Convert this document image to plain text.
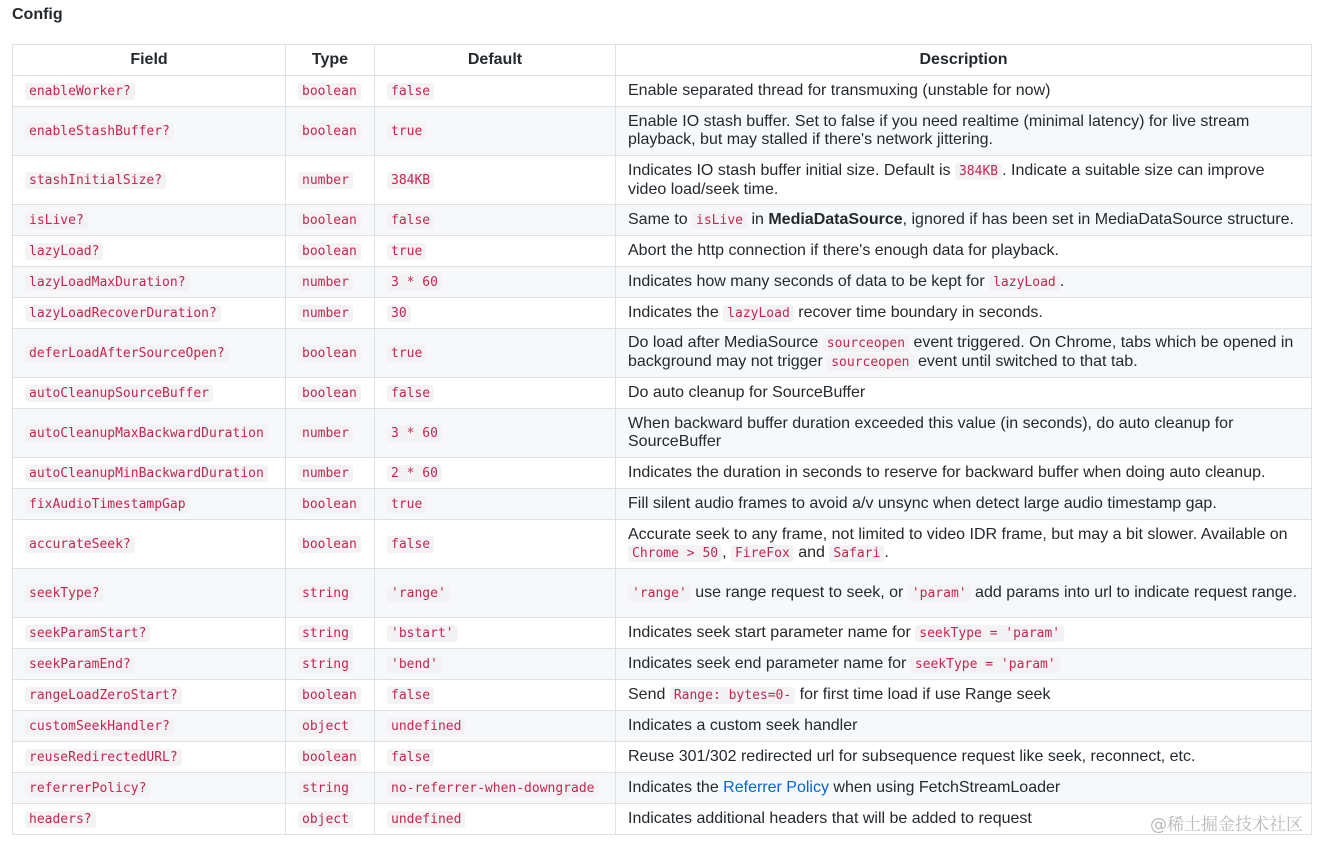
Config
Field	Type	Default	Description
enableWorker?	boolean	false	Enable separated thread for transmuxing (unstable for now)
enableStashBuffer?	boolean	true	Enable IO stash buffer. Set to false if you need realtime (minimal latency) for live stream playback, but may stalled if there's network jittering.
stashInitialSize?	number	384KB	Indicates IO stash buffer initial size. Default is 384KB . Indicate a suitable size can improve video load/seek time.
isLive?	boolean	false	Same to isLive in MediaDataSource, ignored if has been set in MediaDataSource structure.
lazyLoad?	boolean	true	Abort the http connection if there's enough data for playback.
lazyLoadMaxDuration?	number	3 * 60	Indicates how many seconds of data to be kept for lazyLoad .
lazyLoadRecoverDuration?	number	30	Indicates the lazyLoad recover time boundary in seconds.
deferLoadAfterSourceOpen?	boolean	true	Do load after MediaSource sourceopen event triggered. On Chrome, tabs which be opened in background may not trigger sourceopen event until switched to that tab.
autoCleanupSourceBuffer	boolean	false	Do auto cleanup for SourceBuffer
autoCleanupMaxBackwardDuration	number	3 * 60	When backward buffer duration exceeded this value (in seconds), do auto cleanup for SourceBuffer
autoCleanupMinBackwardDuration	number	2 * 60	Indicates the duration in seconds to reserve for backward buffer when doing auto cleanup.
fixAudioTimestampGap	boolean	true	Fill silent audio frames to avoid a/v unsync when detect large audio timestamp gap.
accurateSeek?	boolean	false	Accurate seek to any frame, not limited to video IDR frame, but may a bit slower. Available on Chrome > 50 , FireFox and Safari .
seekType?	string	'range'	'range' use range request to seek, or 'param' add params into url to indicate request range.
seekParamStart?	string	'bstart'	Indicates seek start parameter name for seekType = 'param'
seekParamEnd?	string	'bend'	Indicates seek end parameter name for seekType = 'param'
rangeLoadZeroStart?	boolean	false	Send Range: bytes=0- for first time load if use Range seek
customSeekHandler?	object	undefined	Indicates a custom seek handler
reuseRedirectedURL?	boolean	false	Reuse 301/302 redirected url for subsequence request like seek, reconnect, etc.
referrerPolicy?	string	no-referrer-when-downgrade	Indicates the Referrer Policy when using FetchStreamLoader
headers?	object	undefined	Indicates additional headers that will be added to request	@稀土掘金技术社区
